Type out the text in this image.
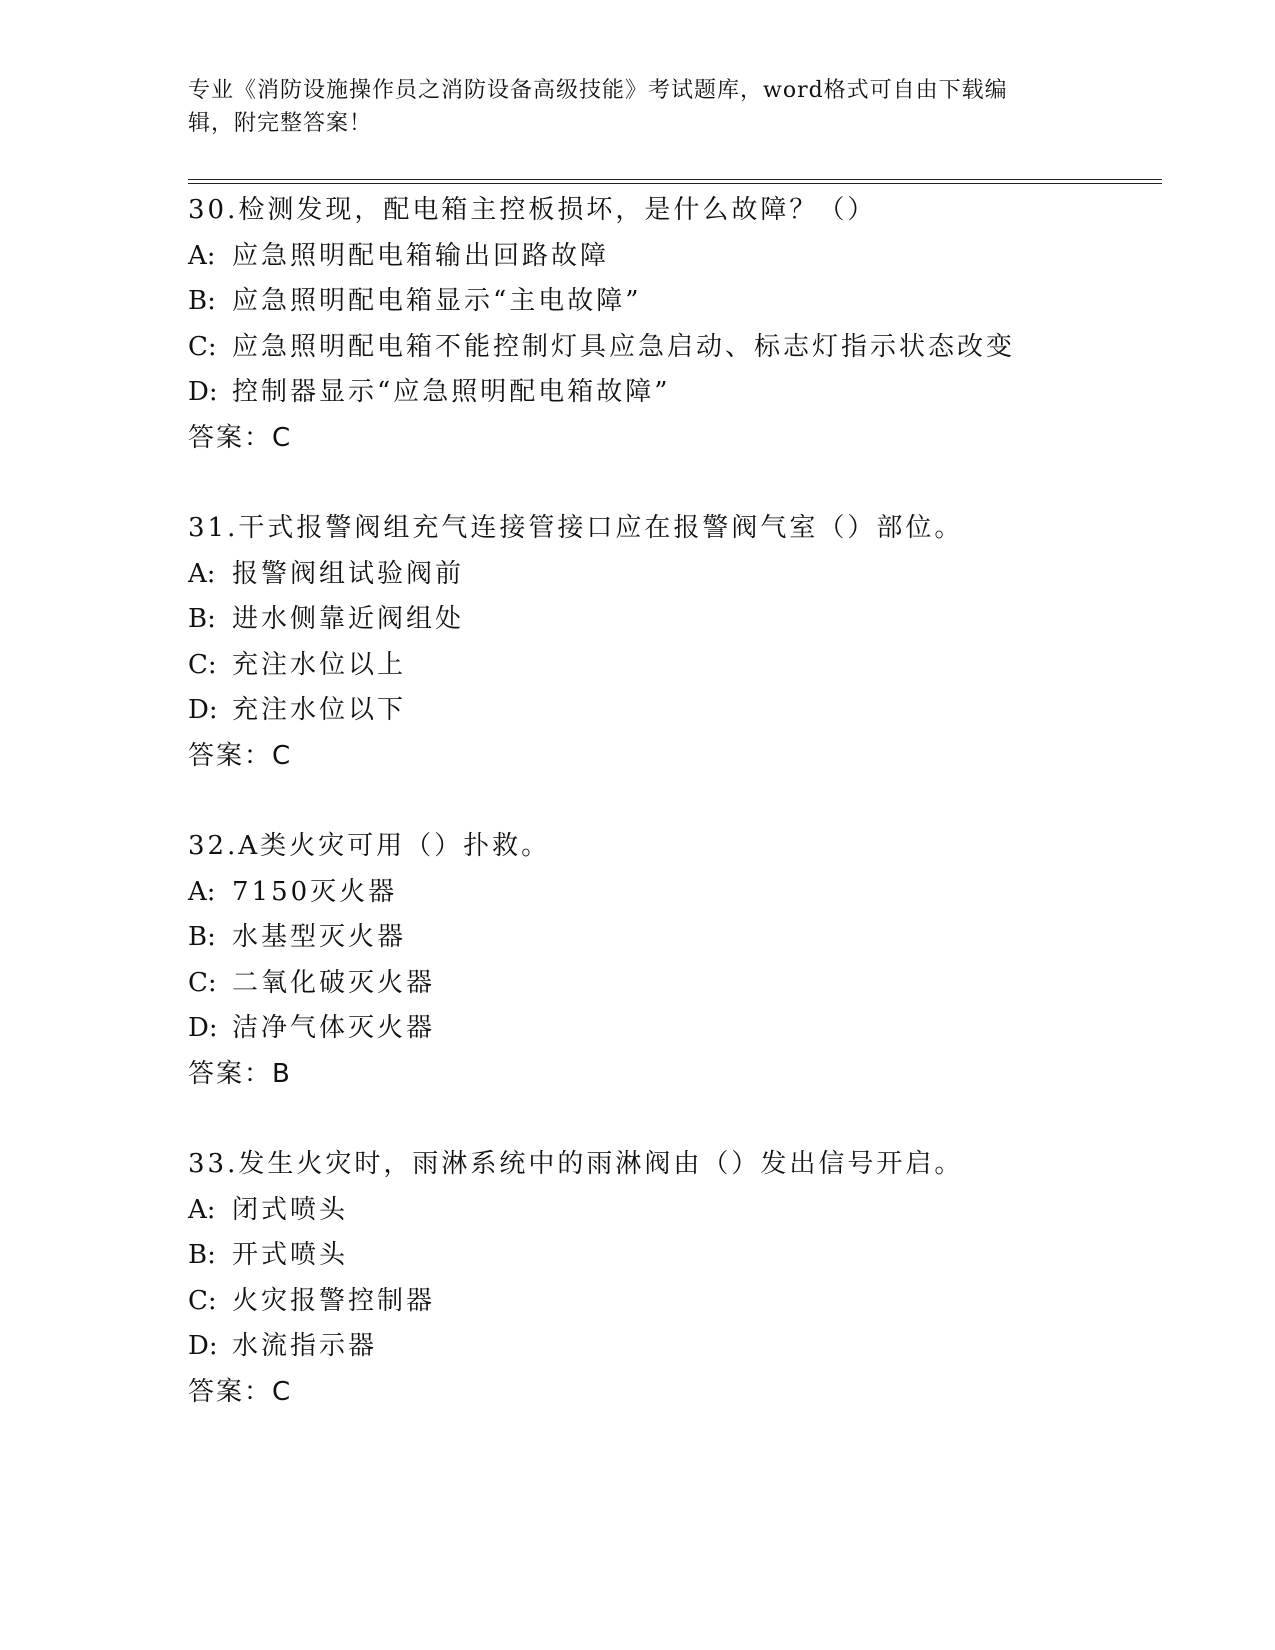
专业《消防设施操作员之消防设备高级技能》考试题库，word格式可自由下载编
辑，附完整答案！
30.检测发现，配电箱主控板损坏，是什么故障？（）
A: 应急照明配电箱输出回路故障
B: 应急照明配电箱显示“主电故障”
C: 应急照明配电箱不能控制灯具应急启动、标志灯指示状态改变
D: 控制器显示“应急照明配电箱故障”
答案：C
31.干式报警阀组充气连接管接口应在报警阀气室（）部位。
A: 报警阀组试验阀前
B: 进水侧靠近阀组处
C: 充注水位以上
D: 充注水位以下
答案：C
32.A类火灾可用（）扑救。
A: 7150灭火器
B: 水基型灭火器
C: 二氧化破灭火器
D: 洁净气体灭火器
答案：B
33.发生火灾时，雨淋系统中的雨淋阀由（）发出信号开启。
A: 闭式喷头
B: 开式喷头
C: 火灾报警控制器
D: 水流指示器
答案：C
